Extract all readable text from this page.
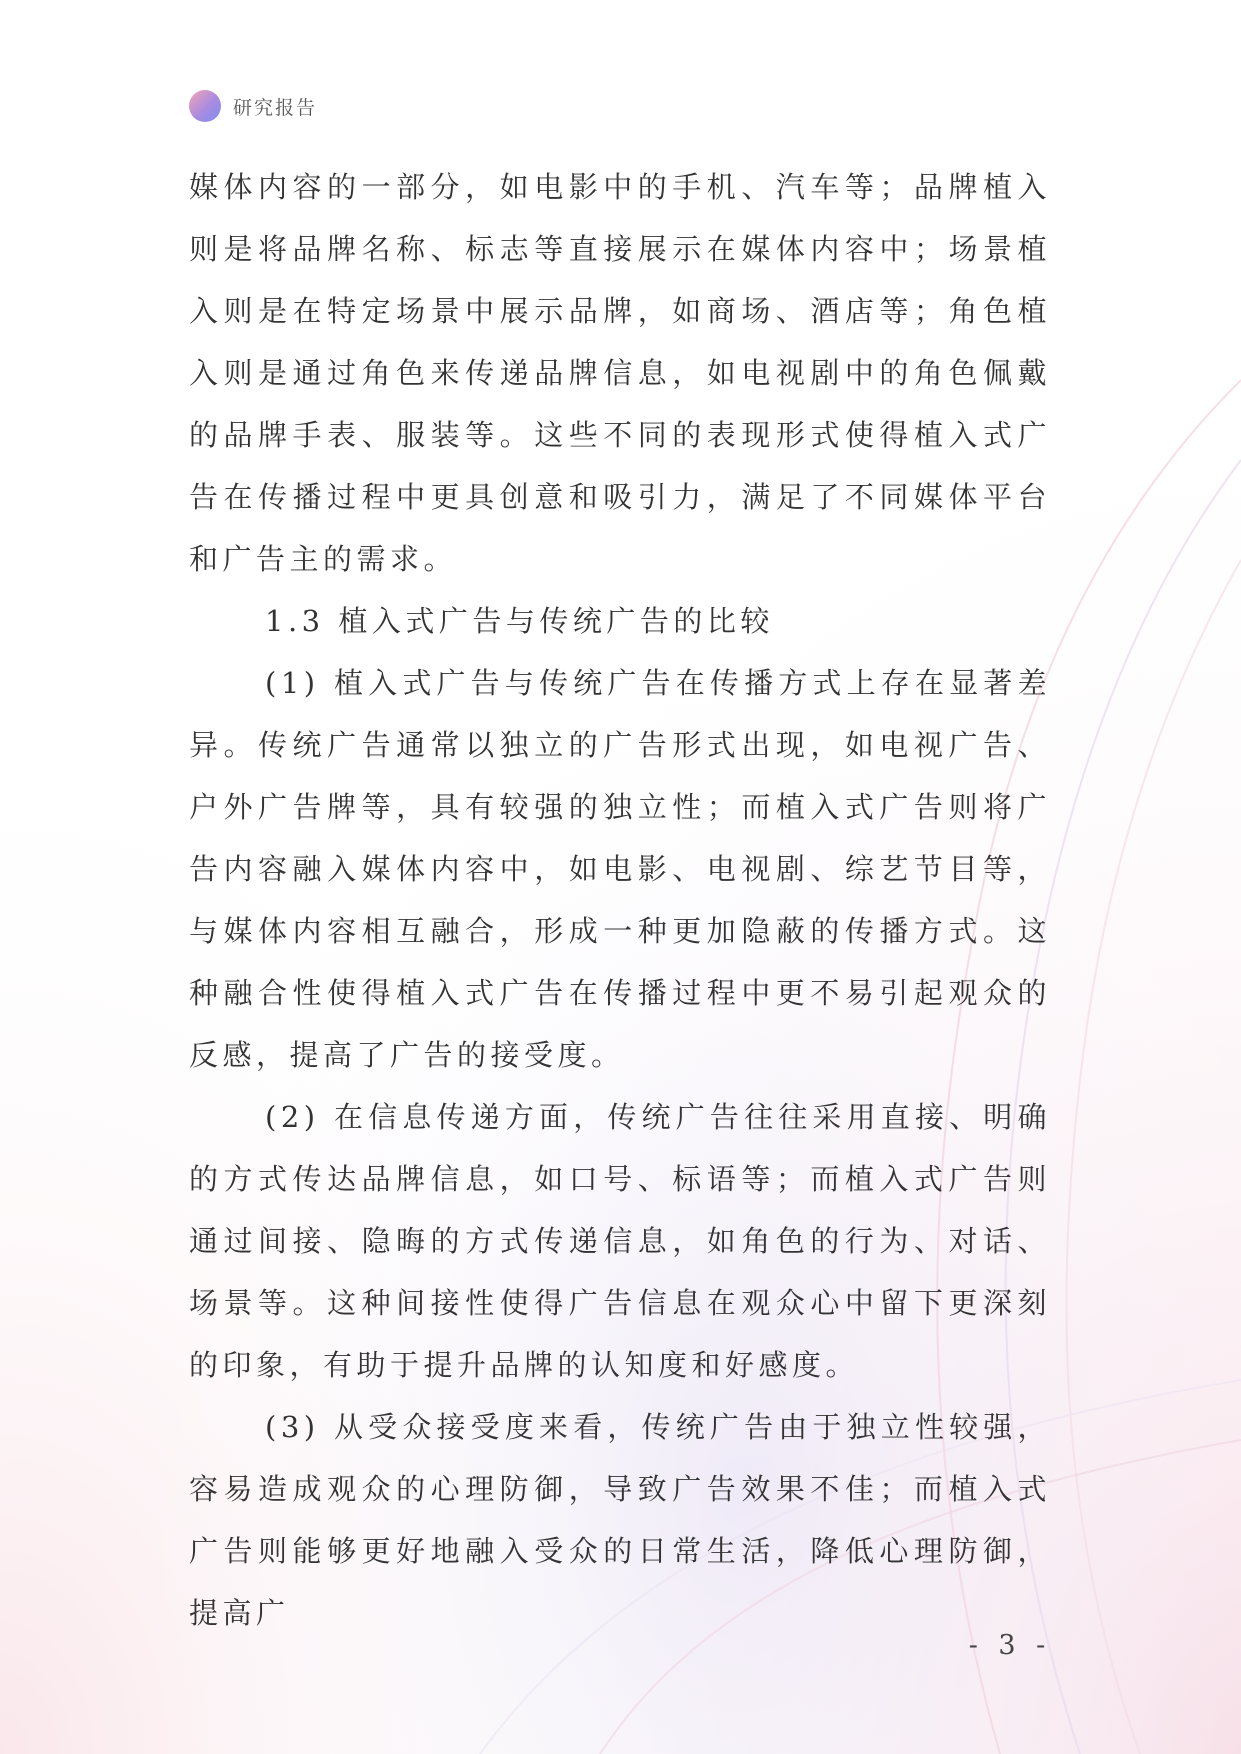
研究报告

媒体内容的一部分，如电影中的手机、汽车等；品牌植入则是将品牌名称、标志等直接展示在媒体内容中；场景植入则是在特定场景中展示品牌，如商场、酒店等；角色植入则是通过角色来传递品牌信息，如电视剧中的角色佩戴的品牌手表、服装等。这些不同的表现形式使得植入式广告在传播过程中更具创意和吸引力，满足了不同媒体平台和广告主的需求。

1.3 植入式广告与传统广告的比较

(1) 植入式广告与传统广告在传播方式上存在显著差异。传统广告通常以独立的广告形式出现，如电视广告、户外广告牌等，具有较强的独立性；而植入式广告则将广告内容融入媒体内容中，如电影、电视剧、综艺节目等，与媒体内容相互融合，形成一种更加隐蔽的传播方式。这种融合性使得植入式广告在传播过程中更不易引起观众的反感，提高了广告的接受度。

(2) 在信息传递方面，传统广告往往采用直接、明确的方式传达品牌信息，如口号、标语等；而植入式广告则通过间接、隐晦的方式传递信息，如角色的行为、对话、场景等。这种间接性使得广告信息在观众心中留下更深刻的印象，有助于提升品牌的认知度和好感度。

(3) 从受众接受度来看，传统广告由于独立性较强，容易造成观众的心理防御，导致广告效果不佳；而植入式广告则能够更好地融入受众的日常生活，降低心理防御，提高广

- 3 -
